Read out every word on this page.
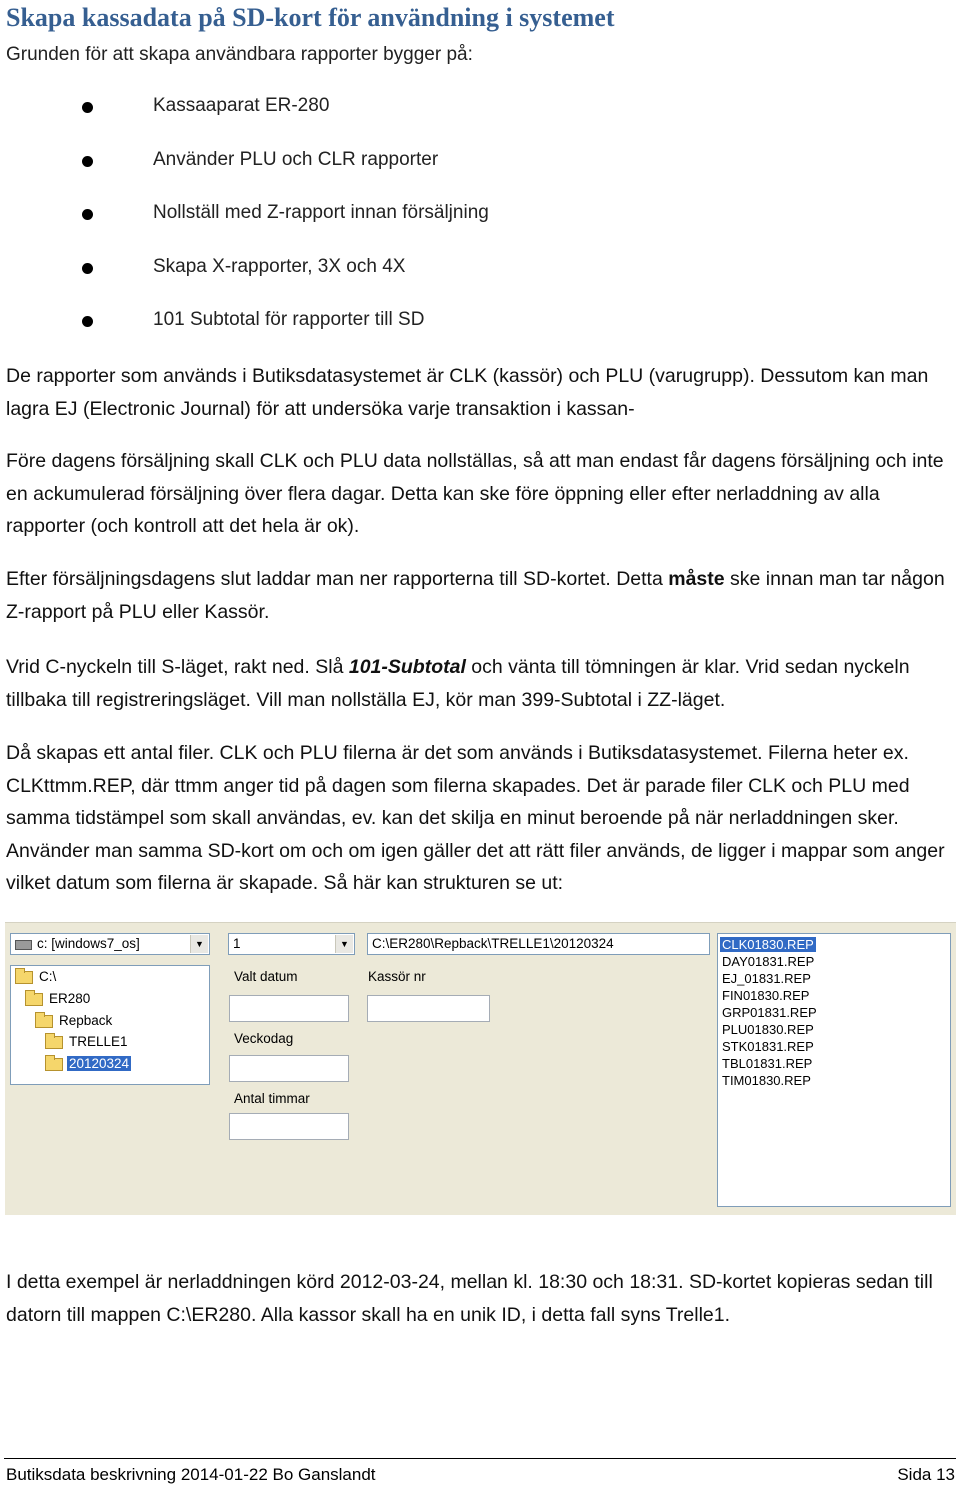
Skapa kassadata på SD-kort för användning i systemet
Grunden för att skapa användbara rapporter bygger på:
Kassaaparat ER-280
Använder PLU och CLR rapporter
Nollställ med Z-rapport innan försäljning
Skapa X-rapporter, 3X och 4X
101 Subtotal för rapporter till SD
De rapporter som används i Butiksdatasystemet är CLK (kassör) och PLU (varugrupp). Dessutom kan man lagra EJ (Electronic Journal) för att undersöka varje transaktion i kassan-
Före dagens försäljning skall CLK och PLU data nollställas, så att man endast får dagens försäljning och inte en ackumulerad försäljning över flera dagar. Detta kan ske före öppning eller efter nerladdning av alla rapporter (och kontroll att det hela är ok).
Efter försäljningsdagens slut laddar man ner rapporterna till SD-kortet. Detta måste ske innan man tar någon Z-rapport på PLU eller Kassör.
Vrid C-nyckeln till S-läget, rakt ned. Slå 101-Subtotal och vänta till tömningen är klar. Vrid sedan nyckeln tillbaka till registreringsläget. Vill man nollställa EJ, kör man 399-Subtotal i ZZ-läget.
Då skapas ett antal filer. CLK och PLU filerna är det som används i Butiksdatasystemet. Filerna heter ex. CLKttmm.REP, där ttmm anger tid på dagen som filerna skapades. Det är parade filer CLK och PLU med samma tidstämpel som skall användas, ev. kan det skilja en minut beroende på när nerladdningen sker. Använder man samma SD-kort om och om igen gäller det att rätt filer används, de ligger i mappar som anger vilket datum som filerna är skapade. Så här kan strukturen se ut:
c: [windows7_os]	▼ 1	▼ C:\ER280\Repback\TRELLE1\20120324
C:\
ER280
Repback
TRELLE1
20120324
Valt datum
Veckodag
Antal timmar
Kassör nr
CLK01830.REP
DAY01831.REP
EJ_01831.REP
FIN01830.REP
GRP01831.REP
PLU01830.REP
STK01831.REP
TBL01831.REP
TIM01830.REP
I detta exempel är nerladdningen körd 2012-03-24, mellan kl. 18:30 och 18:31. SD-kortet kopieras sedan till datorn till mappen C:\ER280. Alla kassor skall ha en unik ID, i detta fall syns Trelle1.
Butiksdata beskrivning 2014-01-22 Bo Ganslandt	Sida 13
